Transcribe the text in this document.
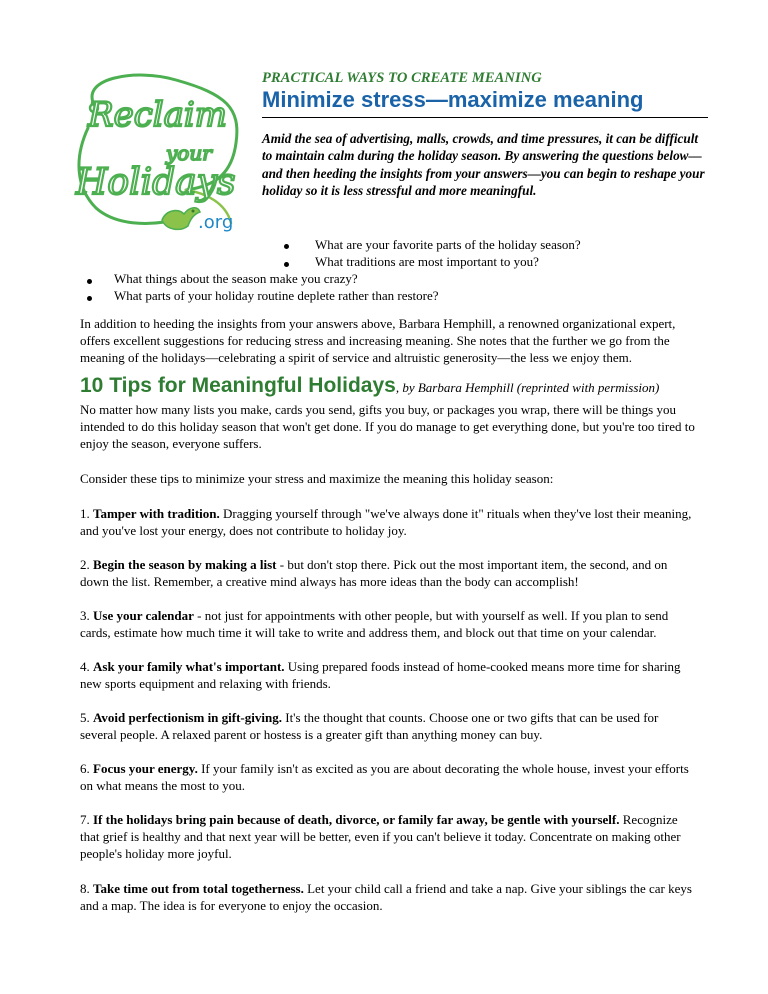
Reclaim
your
Holidays
.org
PRACTICAL WAYS TO CREATE MEANING
Minimize stress—maximize meaning
Amid the sea of advertising, malls, crowds, and time pressures, it can be difficult to maintain calm during the holiday season. By answering the questions below—and then heeding the insights from your answers—you can begin to reshape your holiday so it is less stressful and more meaningful.
What are your favorite parts of the holiday season?
What traditions are most important to you?
What things about the season make you crazy?
What parts of your holiday routine deplete rather than restore?
In addition to heeding the insights from your answers above, Barbara Hemphill, a renowned organizational expert, offers excellent suggestions for reducing stress and increasing meaning. She notes that the further we go from the meaning of the holidays—celebrating a spirit of service and altruistic generosity—the less we enjoy them.
10 Tips for Meaningful Holidays, by Barbara Hemphill (reprinted with permission)
No matter how many lists you make, cards you send, gifts you buy, or packages you wrap, there will be things you intended to do this holiday season that won't get done. If you do manage to get everything done, but you're too tired to enjoy the season, everyone suffers.
Consider these tips to minimize your stress and maximize the meaning this holiday season:
1. Tamper with tradition. Dragging yourself through "we've always done it" rituals when they've lost their meaning, and you've lost your energy, does not contribute to holiday joy.
2. Begin the season by making a list - but don't stop there. Pick out the most important item, the second, and on down the list. Remember, a creative mind always has more ideas than the body can accomplish!
3. Use your calendar - not just for appointments with other people, but with yourself as well. If you plan to send cards, estimate how much time it will take to write and address them, and block out that time on your calendar.
4. Ask your family what's important. Using prepared foods instead of home-cooked means more time for sharing new sports equipment and relaxing with friends.
5. Avoid perfectionism in gift-giving. It's the thought that counts. Choose one or two gifts that can be used for several people. A relaxed parent or hostess is a greater gift than anything money can buy.
6. Focus your energy. If your family isn't as excited as you are about decorating the whole house, invest your efforts on what means the most to you.
7. If the holidays bring pain because of death, divorce, or family far away, be gentle with yourself. Recognize that grief is healthy and that next year will be better, even if you can't believe it today. Concentrate on making other people's holiday more joyful.
8. Take time out from total togetherness. Let your child call a friend and take a nap. Give your siblings the car keys and a map. The idea is for everyone to enjoy the occasion.
